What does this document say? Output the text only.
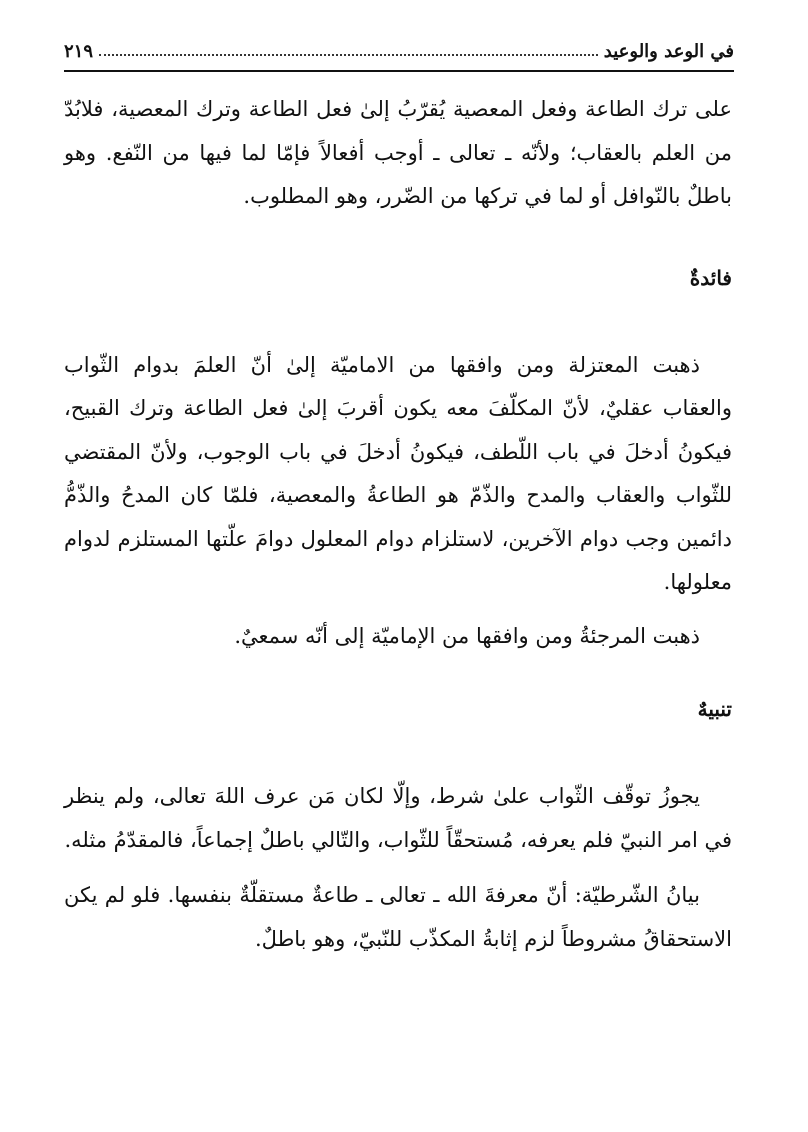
في الوعد والوعيد
٢١٩

على ترك الطاعة وفعل المعصية يُقرّبُ إلىٰ فعل الطاعة وترك المعصية، فلابُدّ من العلم بالعقاب؛ ولأنّه ـ تعالى ـ أوجب أفعالاً فإمّا لما فيها من النّفع. وهو باطلٌ بالنّوافل أو لما في تركها من الضّرر، وهو المطلوب.

فائدةٌ

ذهبت المعتزلة ومن وافقها من الاماميّة إلىٰ أنّ العلمَ بدوام الثّواب والعقاب عقليٌ، لأنّ المكلّفَ معه يكون أقربَ إلىٰ فعل الطاعة وترك القبيح، فيكونُ أدخلَ في باب اللّطف، فيكونُ أدخلَ في باب الوجوب، ولأنّ المقتضي للثّواب والعقاب والمدح والذّمّ هو الطاعةُ والمعصية، فلمّا كان المدحُ والذّمُّ دائمين وجب دوام الآخرين، لاستلزام دوام المعلول دوامَ علّتها المستلزم لدوام معلولها.

ذهبت المرجئةُ ومن وافقها من الإماميّة إلى أنّه سمعيٌ.

تنبيهٌ

يجوزُ توقّف الثّواب علىٰ شرط، وإلّا لكان مَن عرف اللهَ تعالى، ولم ينظر في امر النبيّ فلم يعرفه، مُستحقّاً للثّواب، والتّالي باطلٌ إجماعاً، فالمقدّمُ مثله.

بيانُ الشّرطيّة: أنّ معرفةَ الله ـ تعالى ـ طاعةٌ مستقلّةٌ بنفسها. فلو لم يكن الاستحقاقُ مشروطاً لزم إثابةُ المكذّب للنّبيّ، وهو باطلٌ.
